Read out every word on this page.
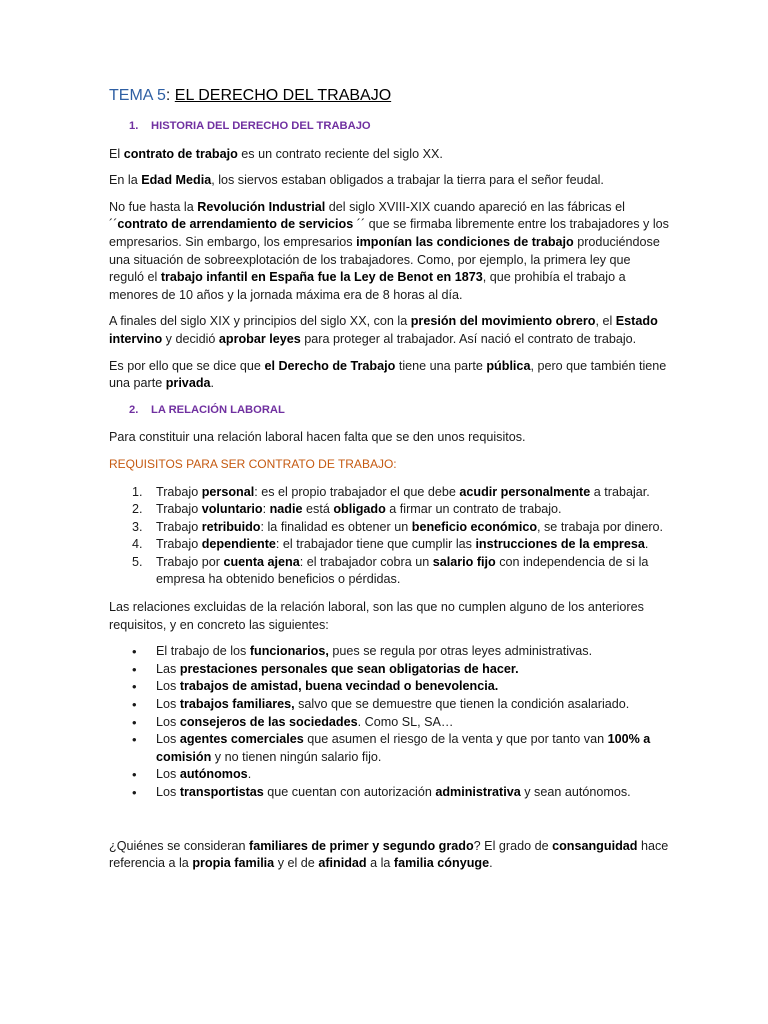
TEMA 5: EL DERECHO DEL TRABAJO
1. HISTORIA DEL DERECHO DEL TRABAJO

El contrato de trabajo es un contrato reciente del siglo XX.

En la Edad Media, los siervos estaban obligados a trabajar la tierra para el señor feudal.

No fue hasta la Revolución Industrial del siglo XVIII-XIX cuando apareció en las fábricas el ´´contrato de arrendamiento de servicios ´´ que se firmaba libremente entre los trabajadores y los empresarios. Sin embargo, los empresarios imponían las condiciones de trabajo produciéndose una situación de sobreexplotación de los trabajadores. Como, por ejemplo, la primera ley que reguló el trabajo infantil en España fue la Ley de Benot en 1873, que prohibía el trabajo a menores de 10 años y la jornada máxima era de 8 horas al día.

A finales del siglo XIX y principios del siglo XX, con la presión del movimiento obrero, el Estado intervino y decidió aprobar leyes para proteger al trabajador. Así nació el contrato de trabajo.

Es por ello que se dice que el Derecho de Trabajo tiene una parte pública, pero que también tiene una parte privada.

2. LA RELACIÓN LABORAL

Para constituir una relación laboral hacen falta que se den unos requisitos.

REQUISITOS PARA SER CONTRATO DE TRABAJO:

1. Trabajo personal: es el propio trabajador el que debe acudir personalmente a trabajar.
2. Trabajo voluntario: nadie está obligado a firmar un contrato de trabajo.
3. Trabajo retribuido: la finalidad es obtener un beneficio económico, se trabaja por dinero.
4. Trabajo dependiente: el trabajador tiene que cumplir las instrucciones de la empresa.
5. Trabajo por cuenta ajena: el trabajador cobra un salario fijo con independencia de si la empresa ha obtenido beneficios o pérdidas.

Las relaciones excluidas de la relación laboral, son las que no cumplen alguno de los anteriores requisitos, y en concreto las siguientes:

• El trabajo de los funcionarios, pues se regula por otras leyes administrativas.
• Las prestaciones personales que sean obligatorias de hacer.
• Los trabajos de amistad, buena vecindad o benevolencia.
• Los trabajos familiares, salvo que se demuestre que tienen la condición asalariado.
• Los consejeros de las sociedades. Como SL, SA…
• Los agentes comerciales que asumen el riesgo de la venta y que por tanto van 100% a comisión y no tienen ningún salario fijo.
• Los autónomos.
• Los transportistas que cuentan con autorización administrativa y sean autónomos.

¿Quiénes se consideran familiares de primer y segundo grado? El grado de consanguidad hace referencia a la propia familia y el de afinidad a la familia cónyuge.
